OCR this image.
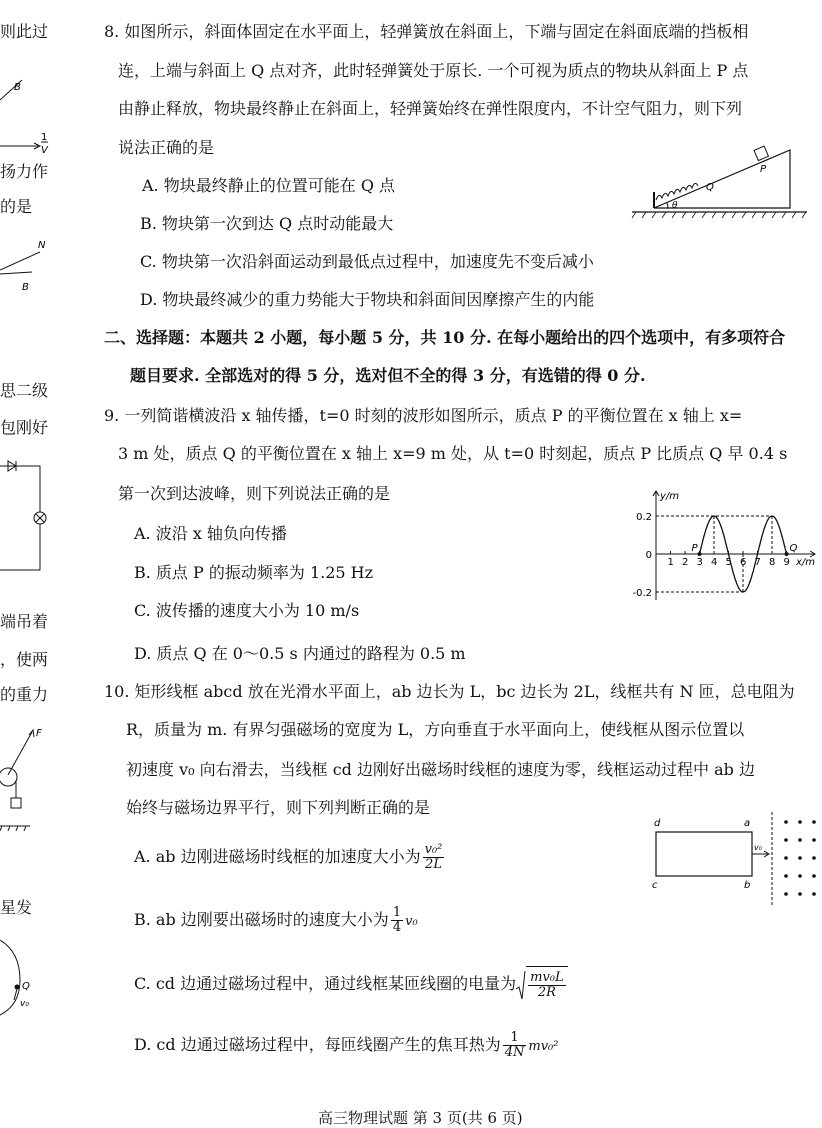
则此过
扬力作
的是
思二级
包刚好
端吊着
，使两
的重力
星发
B
1
V
N
B
F
Q
v₀
8. 如图所示，斜面体固定在水平面上，轻弹簧放在斜面上，下端与固定在斜面底端的挡板相
连，上端与斜面上 Q 点对齐，此时轻弹簧处于原长. 一个可视为质点的物块从斜面上 P 点
由静止释放，物块最终静止在斜面上，轻弹簧始终在弹性限度内，不计空气阻力，则下列
说法正确的是
A. 物块最终静止的位置可能在 Q 点
B. 物块第一次到达 Q 点时动能最大
C. 物块第一次沿斜面运动到最低点过程中，加速度先不变后减小
D. 物块最终减少的重力势能大于物块和斜面间因摩擦产生的内能
P
Q
θ
二、选择题：本题共 2 小题，每小题 5 分，共 10 分. 在每小题给出的四个选项中，有多项符合
题目要求. 全部选对的得 5 分，选对但不全的得 3 分，有选错的得 0 分.
9. 一列简谐横波沿 x 轴传播，t=0 时刻的波形如图所示，质点 P 的平衡位置在 x 轴上 x=
3 m 处，质点 Q 的平衡位置在 x 轴上 x=9 m 处，从 t=0 时刻起，质点 P 比质点 Q 早 0.4 s
第一次到达波峰，则下列说法正确的是
A. 波沿 x 轴负向传播
B. 质点 P 的振动频率为 1.25 Hz
C. 波传播的速度大小为 10 m/s
D. 质点 Q 在 0～0.5 s 内通过的路程为 0.5 m
1 2 3 4 5 6 7 8 9
0.2
0
-0.2
y/m
x/m
P	Q
10. 矩形线框 abcd 放在光滑水平面上，ab 边长为 L，bc 边长为 2L，线框共有 N 匝，总电阻为
R，质量为 m. 有界匀强磁场的宽度为 L，方向垂直于水平面向上，使线框从图示位置以
初速度 v₀ 向右滑去，当线框 cd 边刚好出磁场时线框的速度为零，线框运动过程中 ab 边
始终与磁场边界平行，则下列判断正确的是
A. ab 边刚进磁场时线框的加速度大小为 $\frac{\text{v₀²}}{2L}$
B. ab 边刚要出磁场时的速度大小为 $\frac{1}{4} v_0$
C. cd 边通过磁场过程中，通过线框某匝线圈的电量为 $\frac{\text{mv₀L}}{2R}$
D. cd 边通过磁场过程中，每匝线圈产生的焦耳热为 $\frac{1}{4N} mv_0^2$
d	a
c	b
v₀
高三物理试题 第 3 页(共 6 页)
